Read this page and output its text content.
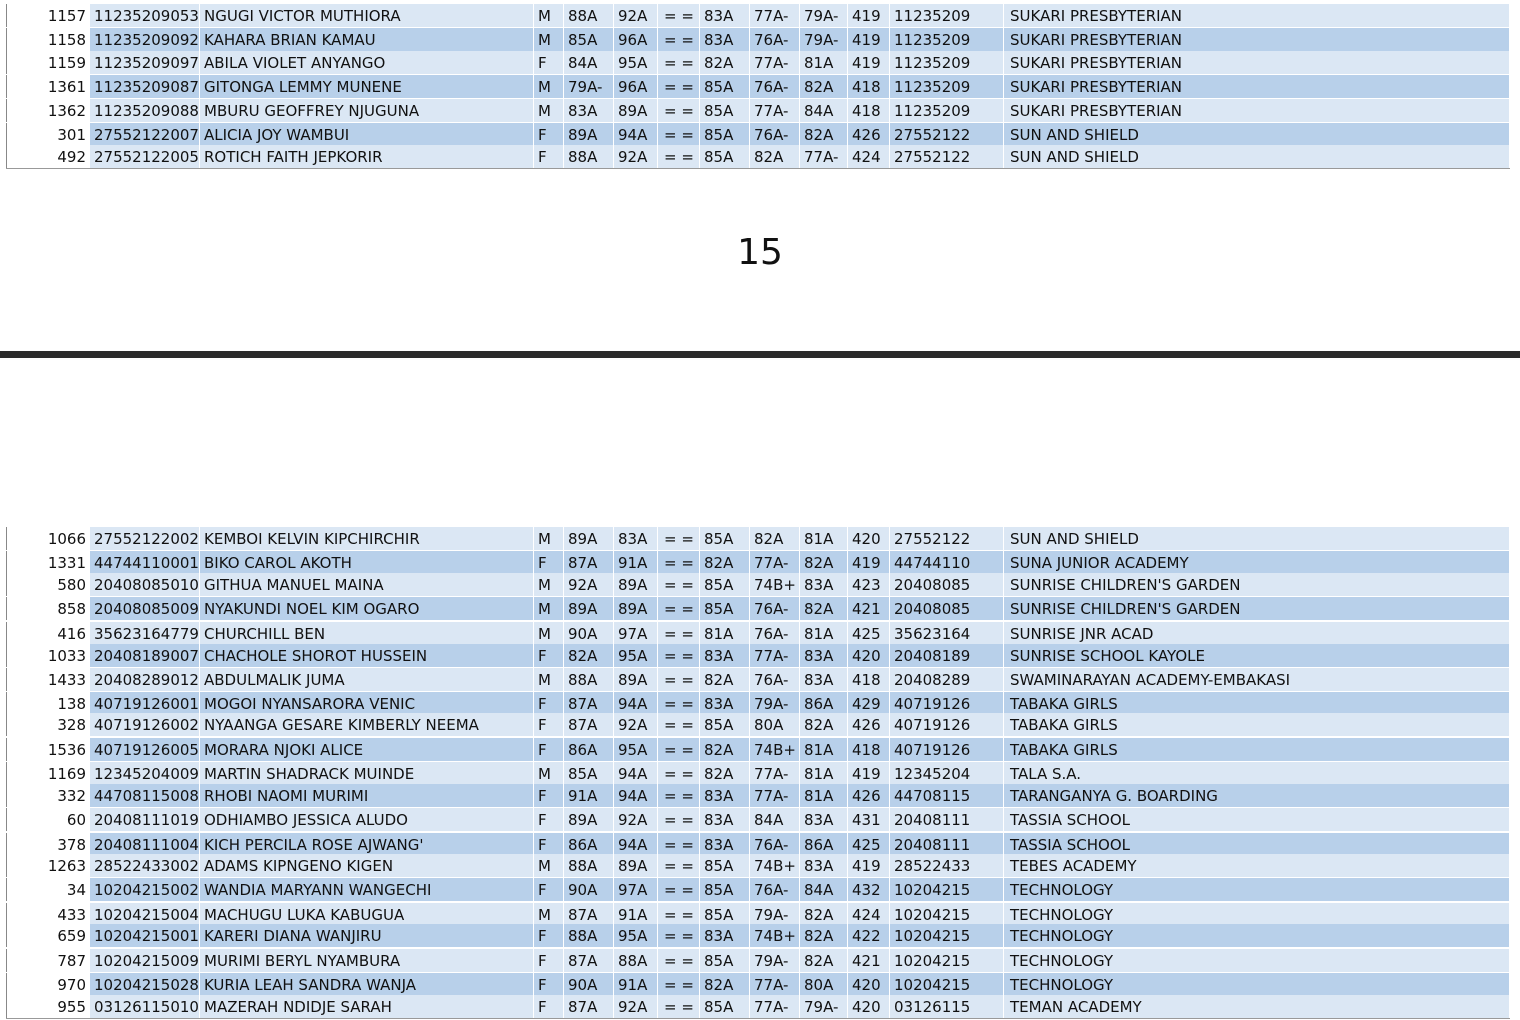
1157 11235209053 NGUGI VICTOR MUTHIORA	M	88A	92A	= = 83A	77A-	79A- 419 11235209	SUKARI PRESBYTERIAN
1158 11235209092 KAHARA BRIAN KAMAU	M	85A	96A	= = 83A	76A-	79A- 419 11235209	SUKARI PRESBYTERIAN
1159 11235209097 ABILA VIOLET ANYANGO	F	84A	95A	= = 82A	77A-	81A	419 11235209	SUKARI PRESBYTERIAN
1361 11235209087 GITONGA LEMMY MUNENE	M	79A-	96A	= = 85A	76A-	82A	418 11235209	SUKARI PRESBYTERIAN
1362 11235209088 MBURU GEOFFREY NJUGUNA	M	83A	89A	= = 85A	77A-	84A	418 11235209	SUKARI PRESBYTERIAN
301 27552122007 ALICIA JOY WAMBUI	F	89A	94A	= = 85A	76A-	82A	426 27552122	SUN AND SHIELD
492 27552122005 ROTICH FAITH JEPKORIR	F	88A	92A	= = 85A	82A	77A- 424 27552122	SUN AND SHIELD
15
1066 27552122002 KEMBOI KELVIN KIPCHIRCHIR	M	89A	83A	= = 85A	82A	81A	420 27552122	SUN AND SHIELD
1331 44744110001 BIKO CAROL AKOTH	F	87A	91A	= = 82A	77A-	82A	419 44744110	SUNA JUNIOR ACADEMY
580 20408085010 GITHUA MANUEL MAINA	M	92A	89A	= = 85A	74B+ 83A	423 20408085	SUNRISE CHILDREN'S GARDEN
858 20408085009 NYAKUNDI NOEL KIM OGARO	M	89A	89A	= = 85A	76A-	82A	421 20408085	SUNRISE CHILDREN'S GARDEN
416 35623164779 CHURCHILL BEN	M	90A	97A	= = 81A	76A-	81A	425 35623164	SUNRISE JNR ACAD
1033 20408189007 CHACHOLE SHOROT HUSSEIN	F	82A	95A	= = 83A	77A-	83A	420 20408189	SUNRISE SCHOOL KAYOLE
1433 20408289012 ABDULMALIK JUMA	M	88A	89A	= = 82A	76A-	83A	418 20408289	SWAMINARAYAN ACADEMY-EMBAKASI
138 40719126001 MOGOI NYANSARORA VENIC	F	87A	94A	= = 83A	79A-	86A	429 40719126	TABAKA GIRLS
328 40719126002 NYAANGA GESARE KIMBERLY NEEMA	F	87A	92A	= = 85A	80A	82A	426 40719126	TABAKA GIRLS
1536 40719126005 MORARA NJOKI ALICE	F	86A	95A	= = 82A	74B+ 81A	418 40719126	TABAKA GIRLS
1169 12345204009 MARTIN SHADRACK MUINDE	M	85A	94A	= = 82A	77A-	81A	419 12345204	TALA S.A.
332 44708115008 RHOBI NAOMI MURIMI	F	91A	94A	= = 83A	77A-	81A	426 44708115	TARANGANYA G. BOARDING
60 20408111019 ODHIAMBO JESSICA ALUDO	F	89A	92A	= = 83A	84A	83A	431 20408111	TASSIA SCHOOL
378 20408111004 KICH PERCILA ROSE AJWANG'	F	86A	94A	= = 83A	76A-	86A	425 20408111	TASSIA SCHOOL
1263 28522433002 ADAMS KIPNGENO KIGEN	M	88A	89A	= = 85A	74B+ 83A	419 28522433	TEBES ACADEMY
34 10204215002 WANDIA MARYANN WANGECHI	F	90A	97A	= = 85A	76A-	84A	432 10204215	TECHNOLOGY
433 10204215004 MACHUGU LUKA KABUGUA	M	87A	91A	= = 85A	79A-	82A	424 10204215	TECHNOLOGY
659 10204215001 KARERI DIANA WANJIRU	F	88A	95A	= = 83A	74B+ 82A	422 10204215	TECHNOLOGY
787 10204215009 MURIMI BERYL NYAMBURA	F	87A	88A	= = 85A	79A-	82A	421 10204215	TECHNOLOGY
970 10204215028 KURIA LEAH SANDRA WANJA	F	90A	91A	= = 82A	77A-	80A	420 10204215	TECHNOLOGY
955 03126115010 MAZERAH NDIDJE SARAH	F	87A	92A	= = 85A	77A-	79A- 420 03126115	TEMAN ACADEMY
